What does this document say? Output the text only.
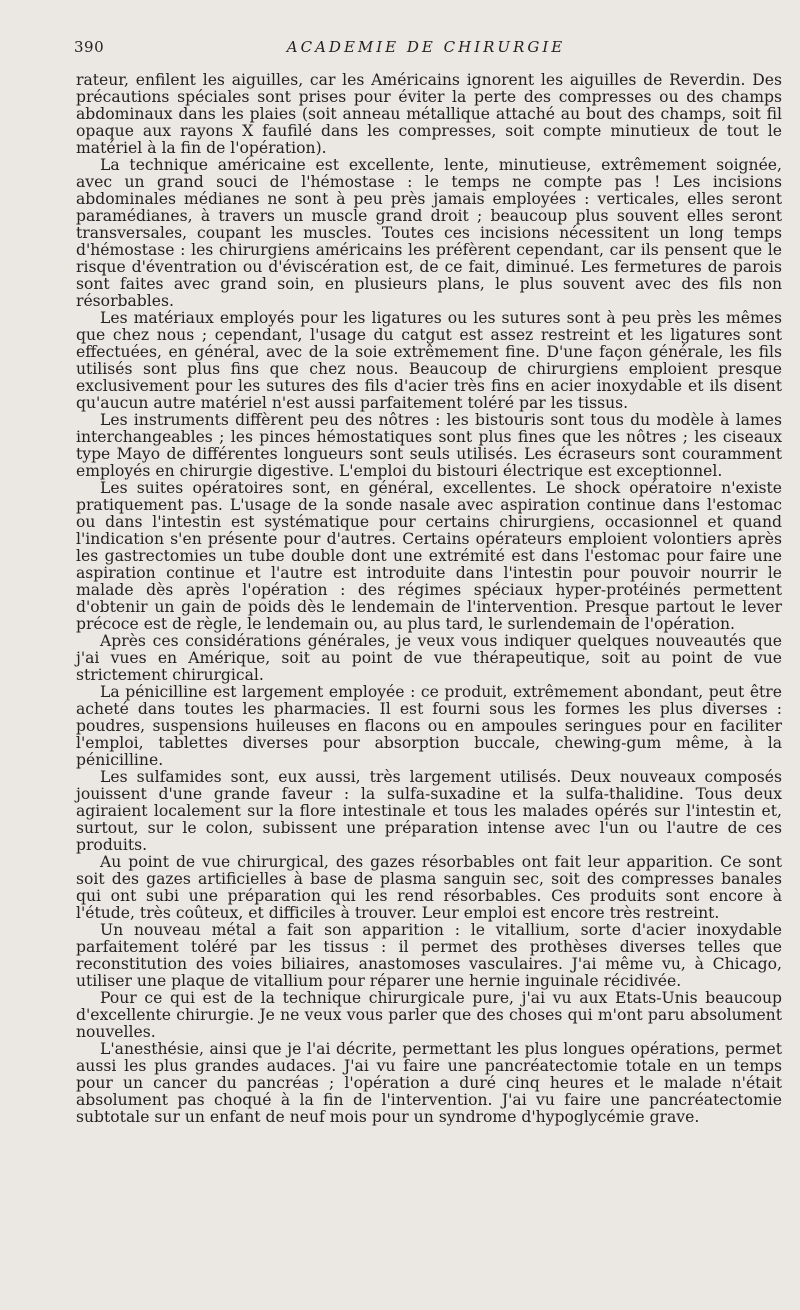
390	ACADEMIE DE CHIRURGIE

rateur, enfilent les aiguilles, car les Américains ignorent les aiguilles de Reverdin. Des précautions spéciales sont prises pour éviter la perte des compresses ou des champs abdominaux dans les plaies (soit anneau métallique attaché au bout des champs, soit fil opaque aux rayons X faufilé dans les compresses, soit compte minutieux de tout le matériel à la fin de l'opération).

La technique américaine est excellente, lente, minutieuse, extrêmement soignée, avec un grand souci de l'hémostase : le temps ne compte pas ! Les incisions abdominales médianes ne sont à peu près jamais employées : verticales, elles seront paramédianes, à travers un muscle grand droit ; beaucoup plus souvent elles seront transversales, coupant les muscles. Toutes ces incisions nécessitent un long temps d'hémostase : les chirurgiens américains les préfèrent cependant, car ils pensent que le risque d'éventration ou d'éviscération est, de ce fait, diminué. Les fermetures de parois sont faites avec grand soin, en plusieurs plans, le plus souvent avec des fils non résorbables.

Les matériaux employés pour les ligatures ou les sutures sont à peu près les mêmes que chez nous ; cependant, l'usage du catgut est assez restreint et les ligatures sont effectuées, en général, avec de la soie extrêmement fine. D'une façon générale, les fils utilisés sont plus fins que chez nous. Beaucoup de chirurgiens emploient presque exclusivement pour les sutures des fils d'acier très fins en acier inoxydable et ils disent qu'aucun autre matériel n'est aussi parfaitement toléré par les tissus.

Les instruments diffèrent peu des nôtres : les bistouris sont tous du modèle à lames interchangeables ; les pinces hémostatiques sont plus fines que les nôtres ; les ciseaux type Mayo de différentes longueurs sont seuls utilisés. Les écraseurs sont couramment employés en chirurgie digestive. L'emploi du bistouri électrique est exceptionnel.

Les suites opératoires sont, en général, excellentes. Le shock opératoire n'existe pratiquement pas. L'usage de la sonde nasale avec aspiration continue dans l'estomac ou dans l'intestin est systématique pour certains chirurgiens, occasionnel et quand l'indication s'en présente pour d'autres. Certains opérateurs emploient volontiers après les gastrectomies un tube double dont une extrémité est dans l'estomac pour faire une aspiration continue et l'autre est introduite dans l'intestin pour pouvoir nourrir le malade dès après l'opération : des régimes spéciaux hyper-protéinés permettent d'obtenir un gain de poids dès le lendemain de l'intervention. Presque partout le lever précoce est de règle, le lendemain ou, au plus tard, le surlendemain de l'opération.

Après ces considérations générales, je veux vous indiquer quelques nouveautés que j'ai vues en Amérique, soit au point de vue thérapeutique, soit au point de vue strictement chirurgical.

La pénicilline est largement employée : ce produit, extrêmement abondant, peut être acheté dans toutes les pharmacies. Il est fourni sous les formes les plus diverses : poudres, suspensions huileuses en flacons ou en ampoules seringues pour en faciliter l'emploi, tablettes diverses pour absorption buccale, chewing-gum même, à la pénicilline.

Les sulfamides sont, eux aussi, très largement utilisés. Deux nouveaux composés jouissent d'une grande faveur : la sulfa-suxadine et la sulfa-thalidine. Tous deux agiraient localement sur la flore intestinale et tous les malades opérés sur l'intestin et, surtout, sur le colon, subissent une préparation intense avec l'un ou l'autre de ces produits.

Au point de vue chirurgical, des gazes résorbables ont fait leur apparition. Ce sont soit des gazes artificielles à base de plasma sanguin sec, soit des compresses banales qui ont subi une préparation qui les rend résorbables. Ces produits sont encore à l'étude, très coûteux, et difficiles à trouver. Leur emploi est encore très restreint.

Un nouveau métal a fait son apparition : le vitallium, sorte d'acier inoxydable parfaitement toléré par les tissus : il permet des prothèses diverses telles que reconstitution des voies biliaires, anastomoses vasculaires. J'ai même vu, à Chicago, utiliser une plaque de vitallium pour réparer une hernie inguinale récidivée.

Pour ce qui est de la technique chirurgicale pure, j'ai vu aux Etats-Unis beaucoup d'excellente chirurgie. Je ne veux vous parler que des choses qui m'ont paru absolument nouvelles.

L'anesthésie, ainsi que je l'ai décrite, permettant les plus longues opérations, permet aussi les plus grandes audaces. J'ai vu faire une pancréatectomie totale en un temps pour un cancer du pancréas ; l'opération a duré cinq heures et le malade n'était absolument pas choqué à la fin de l'intervention. J'ai vu faire une pancréatectomie subtotale sur un enfant de neuf mois pour un syndrome d'hypoglycémie grave.
